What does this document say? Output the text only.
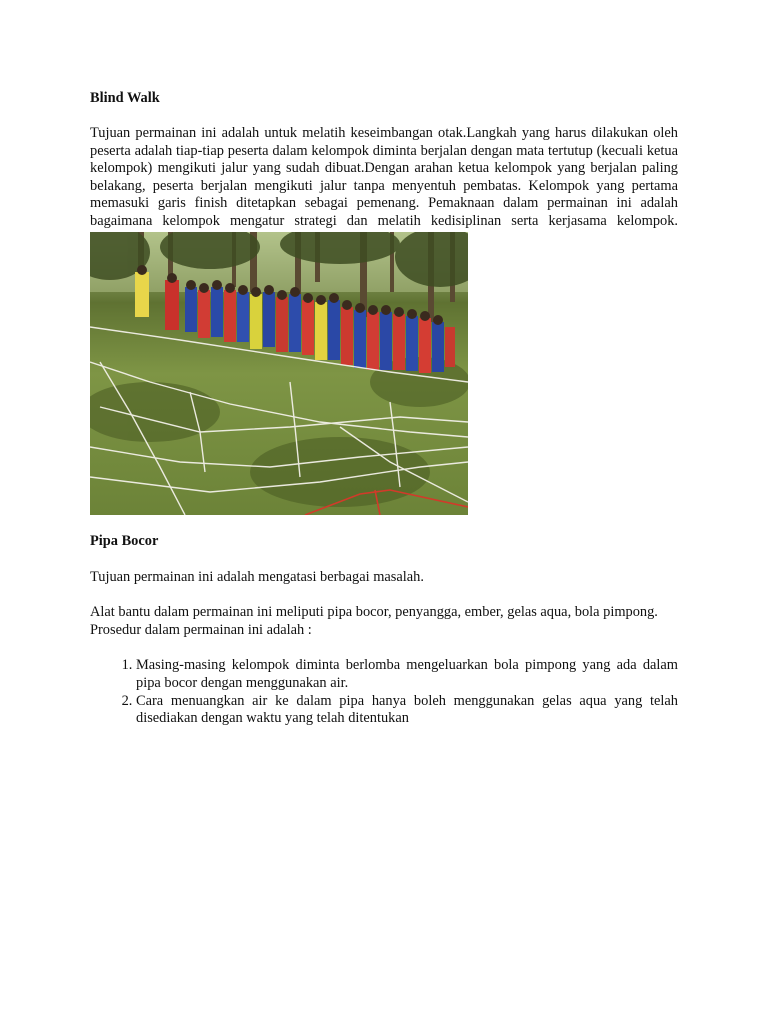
Blind Walk

Tujuan permainan ini adalah untuk melatih keseimbangan otak.Langkah yang harus dilakukan oleh peserta adalah tiap-tiap peserta dalam kelompok diminta berjalan dengan mata tertutup (kecuali ketua kelompok) mengikuti jalur yang sudah dibuat.Dengan arahan ketua kelompok yang berjalan paling belakang, peserta berjalan mengikuti jalur tanpa menyentuh pembatas. Kelompok yang pertama memasuki garis finish ditetapkan sebagai pemenang. Pemaknaan dalam permainan ini adalah bagaimana kelompok mengatur strategi dan melatih kedisiplinan serta kerjasama kelompok.

Pipa Bocor

Tujuan permainan ini adalah mengatasi berbagai masalah.

Alat bantu dalam permainan ini meliputi pipa bocor, penyangga, ember, gelas aqua, bola pimpong.

Prosedur dalam permainan ini adalah :

1. Masing-masing kelompok diminta berlomba mengeluarkan bola pimpong yang ada dalam pipa bocor dengan menggunakan air.
2. Cara menuangkan air ke dalam pipa hanya boleh menggunakan gelas aqua yang telah disediakan dengan waktu yang telah ditentukan
